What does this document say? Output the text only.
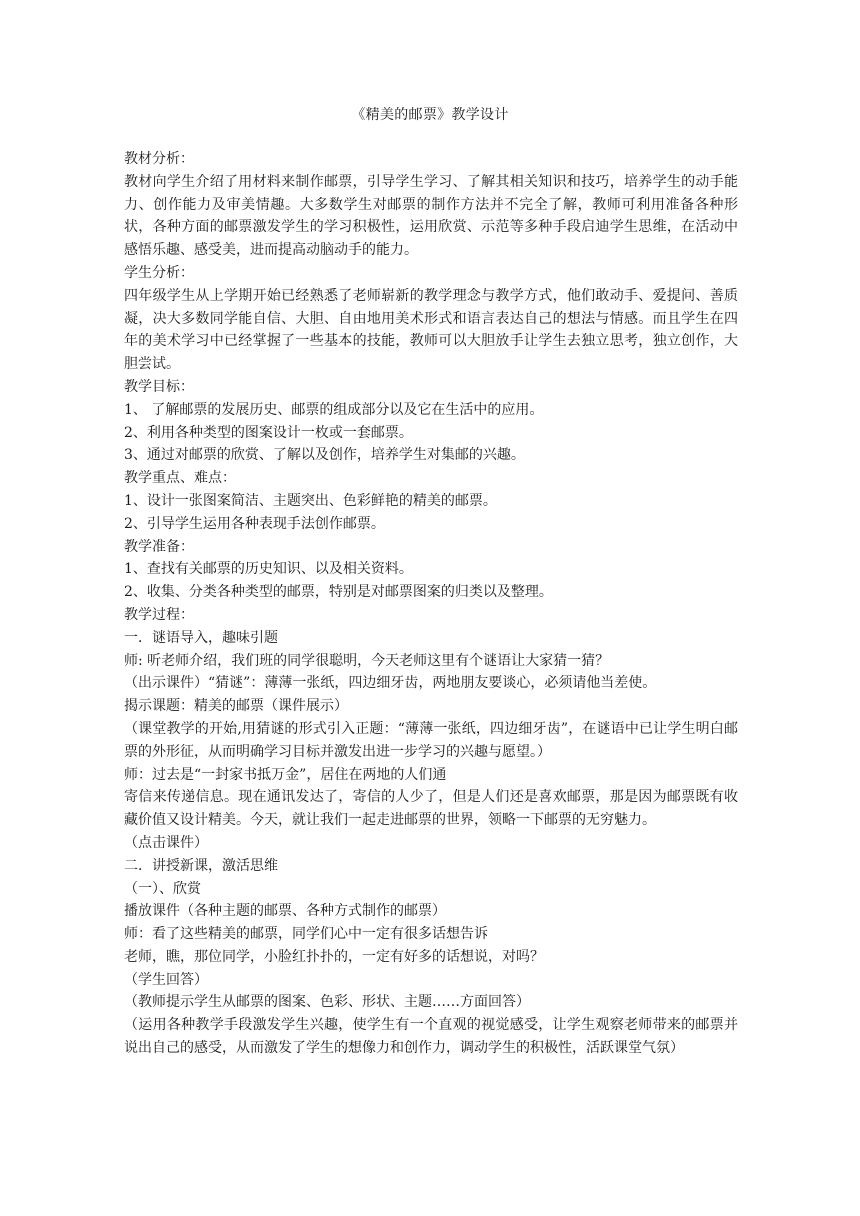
《精美的邮票》教学设计

教材分析：

教材向学生介绍了用材料来制作邮票，引导学生学习、了解其相关知识和技巧，培养学生的动手能力、创作能力及审美情趣。大多数学生对邮票的制作方法并不完全了解，教师可利用准备各种形状，各种方面的邮票激发学生的学习积极性，运用欣赏、示范等多种手段启迪学生思维，在活动中感悟乐趣、感受美，进而提高动脑动手的能力。

学生分析：

四年级学生从上学期开始已经熟悉了老师崭新的教学理念与教学方式，他们敢动手、爱提问、善质凝，决大多数同学能自信、大胆、自由地用美术形式和语言表达自己的想法与情感。而且学生在四年的美术学习中已经掌握了一些基本的技能，教师可以大胆放手让学生去独立思考，独立创作，大胆尝试。

教学目标：

1、 了解邮票的发展历史、邮票的组成部分以及它在生活中的应用。

2、利用各种类型的图案设计一枚或一套邮票。

3、通过对邮票的欣赏、了解以及创作，培养学生对集邮的兴趣。

教学重点、难点：

1、设计一张图案简洁、主题突出、色彩鲜艳的精美的邮票。

2、引导学生运用各种表现手法创作邮票。

教学准备：

1、查找有关邮票的历史知识、以及相关资料。

2、收集、分类各种类型的邮票，特别是对邮票图案的归类以及整理。

教学过程：

一．谜语导入，趣味引题

师: 听老师介绍，我们班的同学很聪明，今天老师这里有个谜语让大家猜一猜？

（出示课件）“猜谜”：薄薄一张纸，四边细牙齿，两地朋友要谈心，必须请他当差使。

揭示课题：精美的邮票（课件展示）

（课堂教学的开始,用猜谜的形式引入正题：“薄薄一张纸，四边细牙齿”，在谜语中已让学生明白邮票的外形征，从而明确学习目标并激发出进一步学习的兴趣与愿望。）

师：过去是“一封家书抵万金”，居住在两地的人们通

寄信来传递信息。现在通讯发达了，寄信的人少了，但是人们还是喜欢邮票，那是因为邮票既有收藏价值又设计精美。今天，就让我们一起走进邮票的世界，领略一下邮票的无穷魅力。

（点击课件）

二．讲授新课，激活思维

（一）、欣赏

播放课件（各种主题的邮票、各种方式制作的邮票）

师：看了这些精美的邮票，同学们心中一定有很多话想告诉

老师，瞧，那位同学，小脸红扑扑的，一定有好多的话想说，对吗？

（学生回答）

（教师提示学生从邮票的图案、色彩、形状、主题……方面回答）

（运用各种教学手段激发学生兴趣，使学生有一个直观的视觉感受，让学生观察老师带来的邮票并说出自己的感受，从而激发了学生的想像力和创作力，调动学生的积极性，活跃课堂气氛）
